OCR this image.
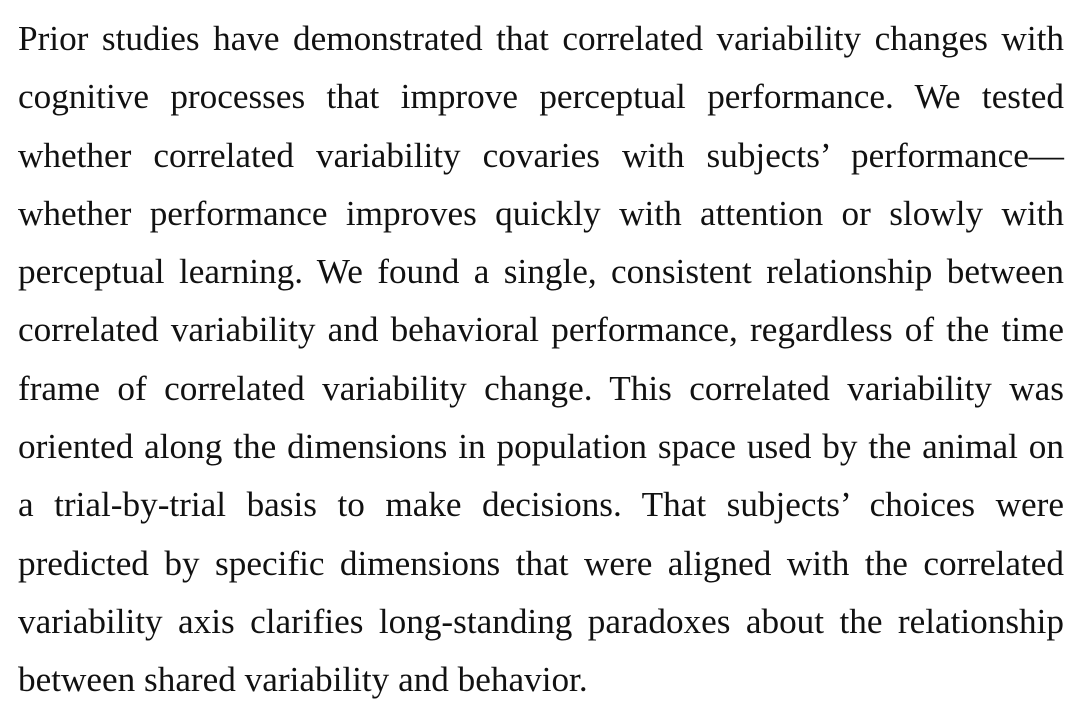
Prior studies have demonstrated that correlated variability changes with
cognitive processes that improve perceptual performance. We tested
whether correlated variability covaries with subjects’ performance—
whether performance improves quickly with attention or slowly with
perceptual learning. We found a single, consistent relationship between
correlated variability and behavioral performance, regardless of the time
frame of correlated variability change. This correlated variability was
oriented along the dimensions in population space used by the animal on
a trial-by-trial basis to make decisions. That subjects’ choices were
predicted by specific dimensions that were aligned with the correlated
variability axis clarifies long-standing paradoxes about the relationship
between shared variability and behavior.
